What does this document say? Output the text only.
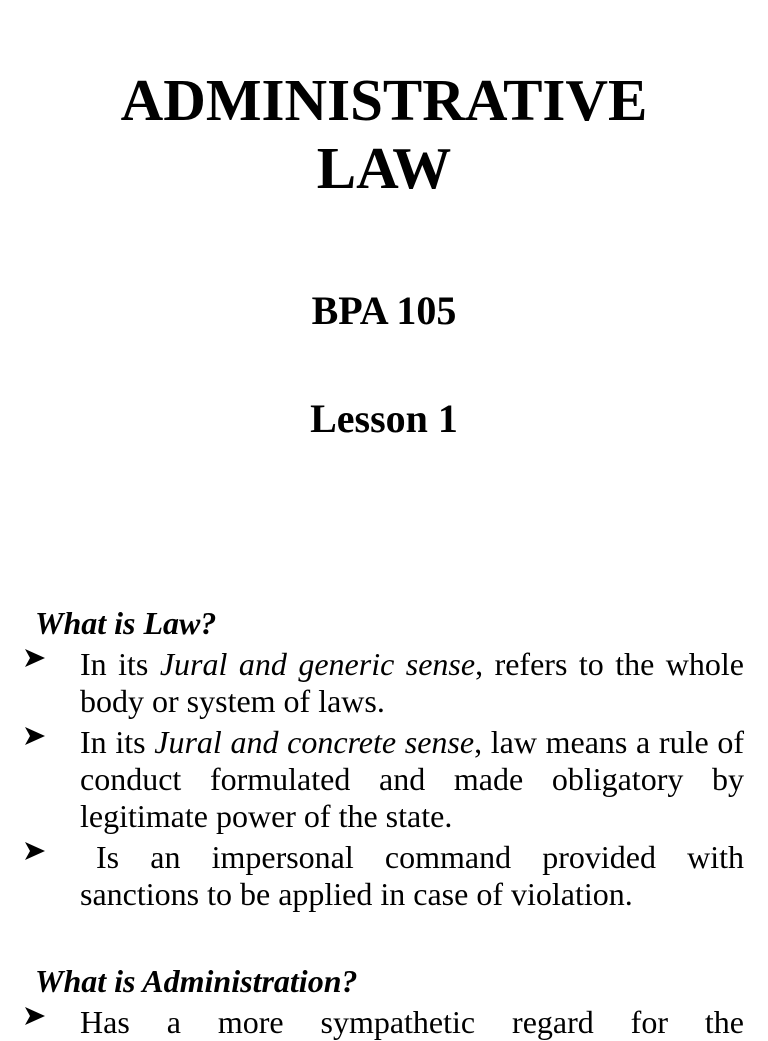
ADMINISTRATIVE
LAW
BPA 105
Lesson 1
What is Law?
In its Jural and generic sense, refers to the whole body or system of laws.
In its Jural and concrete sense, law means a rule of conduct formulated and made obligatory by legitimate power of the state.
Is an impersonal command provided with sanctions to be applied in case of violation.
What is Administration?
Has a more sympathetic regard for the
